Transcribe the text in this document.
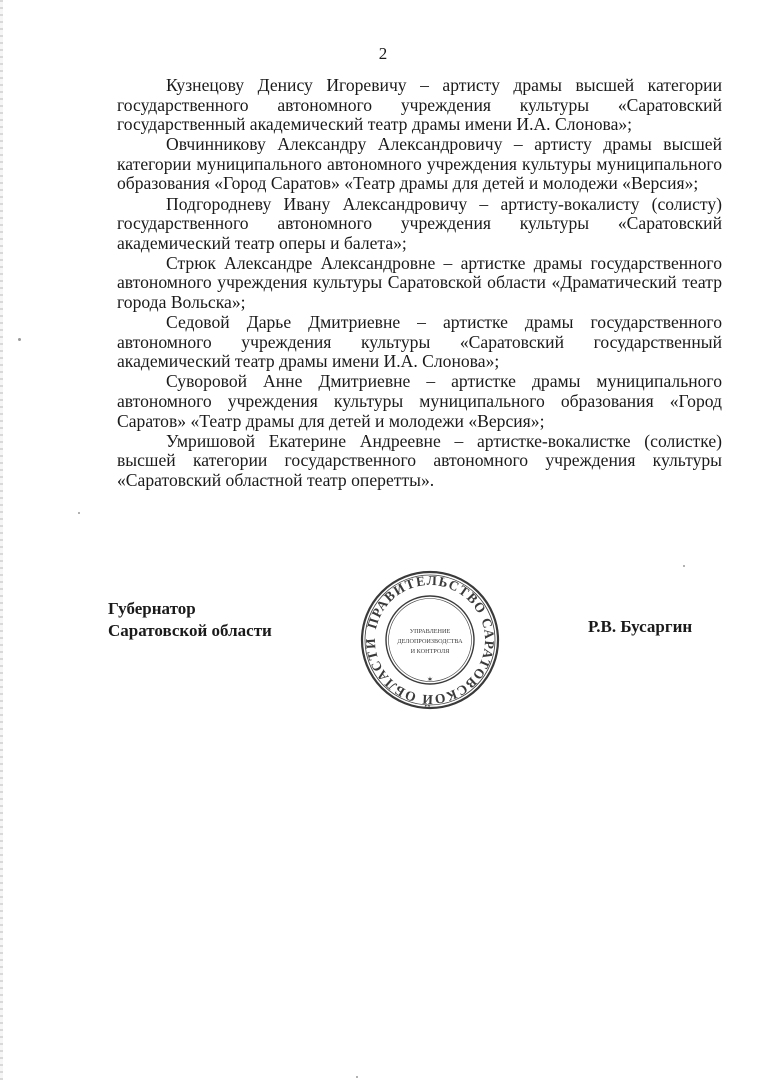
2

Кузнецову Денису Игоревичу – артисту драмы высшей категории государственного автономного учреждения культуры «Саратовский государственный академический театр драмы имени И.А. Слонова»;

Овчинникову Александру Александровичу – артисту драмы высшей категории муниципального автономного учреждения культуры муниципального образования «Город Саратов» «Театр драмы для детей и молодежи «Версия»;

Подгородневу Ивану Александровичу – артисту-вокалисту (солисту) государственного автономного учреждения культуры «Саратовский академический театр оперы и балета»;

Стрюк Александре Александровне – артистке драмы государственного автономного учреждения культуры Саратовской области «Драматический театр города Вольска»;

Седовой Дарье Дмитриевне – артистке драмы государственного автономного учреждения культуры «Саратовский государственный академический театр драмы имени И.А. Слонова»;

Суворовой Анне Дмитриевне – артистке драмы муниципального автономного учреждения культуры муниципального образования «Город Саратов» «Театр драмы для детей и молодежи «Версия»;

Умришовой Екатерине Андреевне – артистке-вокалистке (солистке) высшей категории государственного автономного учреждения культуры «Саратовский областной театр оперетты».

Губернатор
Саратовской области	ПРАВИТЕЛЬСТВО САРАТОВСКОЙ ОБЛАСТИ
УПРАВЛЕНИЕ
ДЕЛОПРОИЗВОДСТВА
И КОНТРОЛЯ
✶
Р.В. Бусаргин
